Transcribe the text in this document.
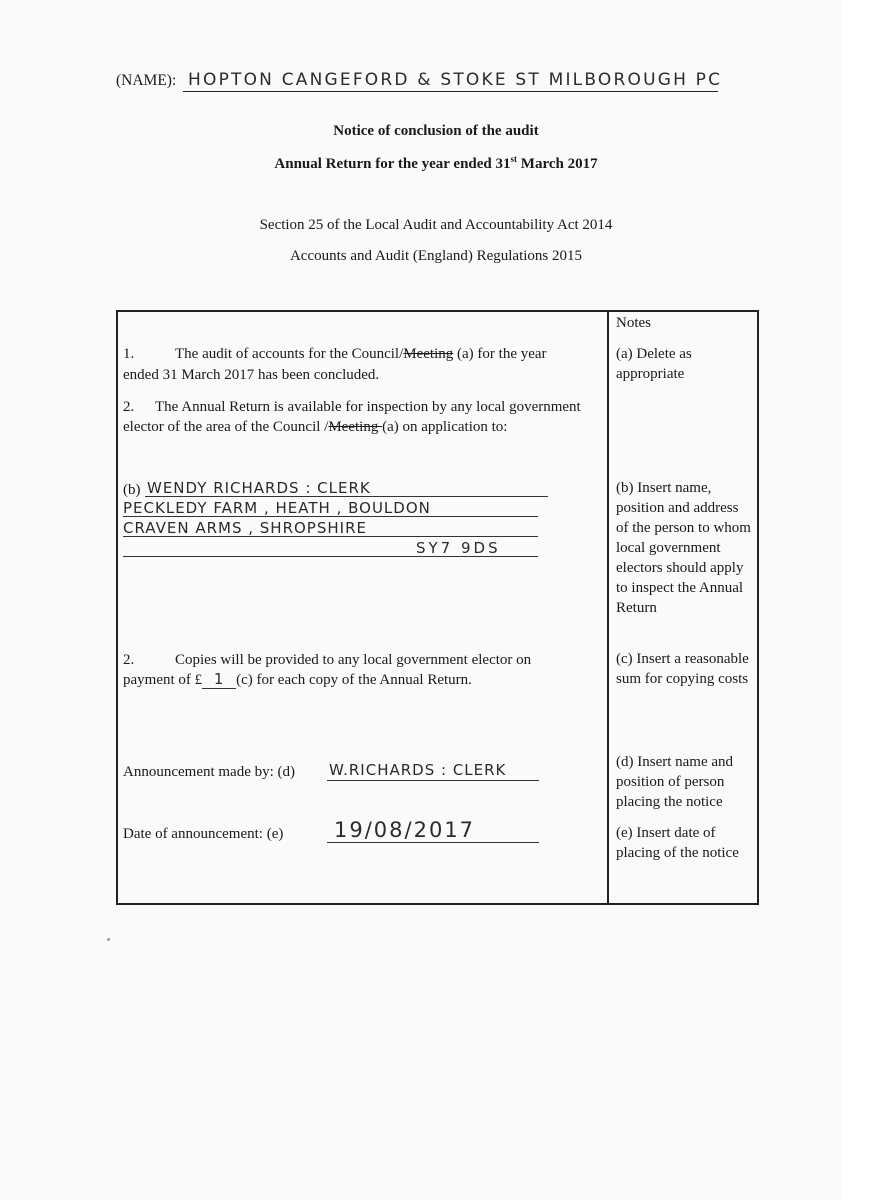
(NAME): HOPTON CANGEFORD & STOKE ST MILBOROUGH PC
Notice of conclusion of the audit
Annual Return for the year ended 31st March 2017
Section 25 of the Local Audit and Accountability Act 2014
Accounts and Audit (England) Regulations 2015
1.	The audit of accounts for the Council/Meeting (a) for the year
ended 31 March 2017 has been concluded.
2. The Annual Return is available for inspection by any local government
elector of the area of the Council /Meeting (a) on application to:
(b) WENDY RICHARDS : CLERK
PECKLEDY FARM , HEATH , BOULDON
CRAVEN ARMS , SHROPSHIRE
SY7 9DS
2.	Copies will be provided to any local government elector on
payment of £ 1 (c) for each copy of the Annual Return.
Announcement made by: (d) W.RICHARDS : CLERK
Date of announcement: (e) 19/08/2017
Notes
(a) Delete as appropriate
(b) Insert name, position and address of the person to whom local government electors should apply to inspect the Annual Return
(c) Insert a reasonable sum for copying costs
(d) Insert name and position of person placing the notice
(e) Insert date of placing of the notice
